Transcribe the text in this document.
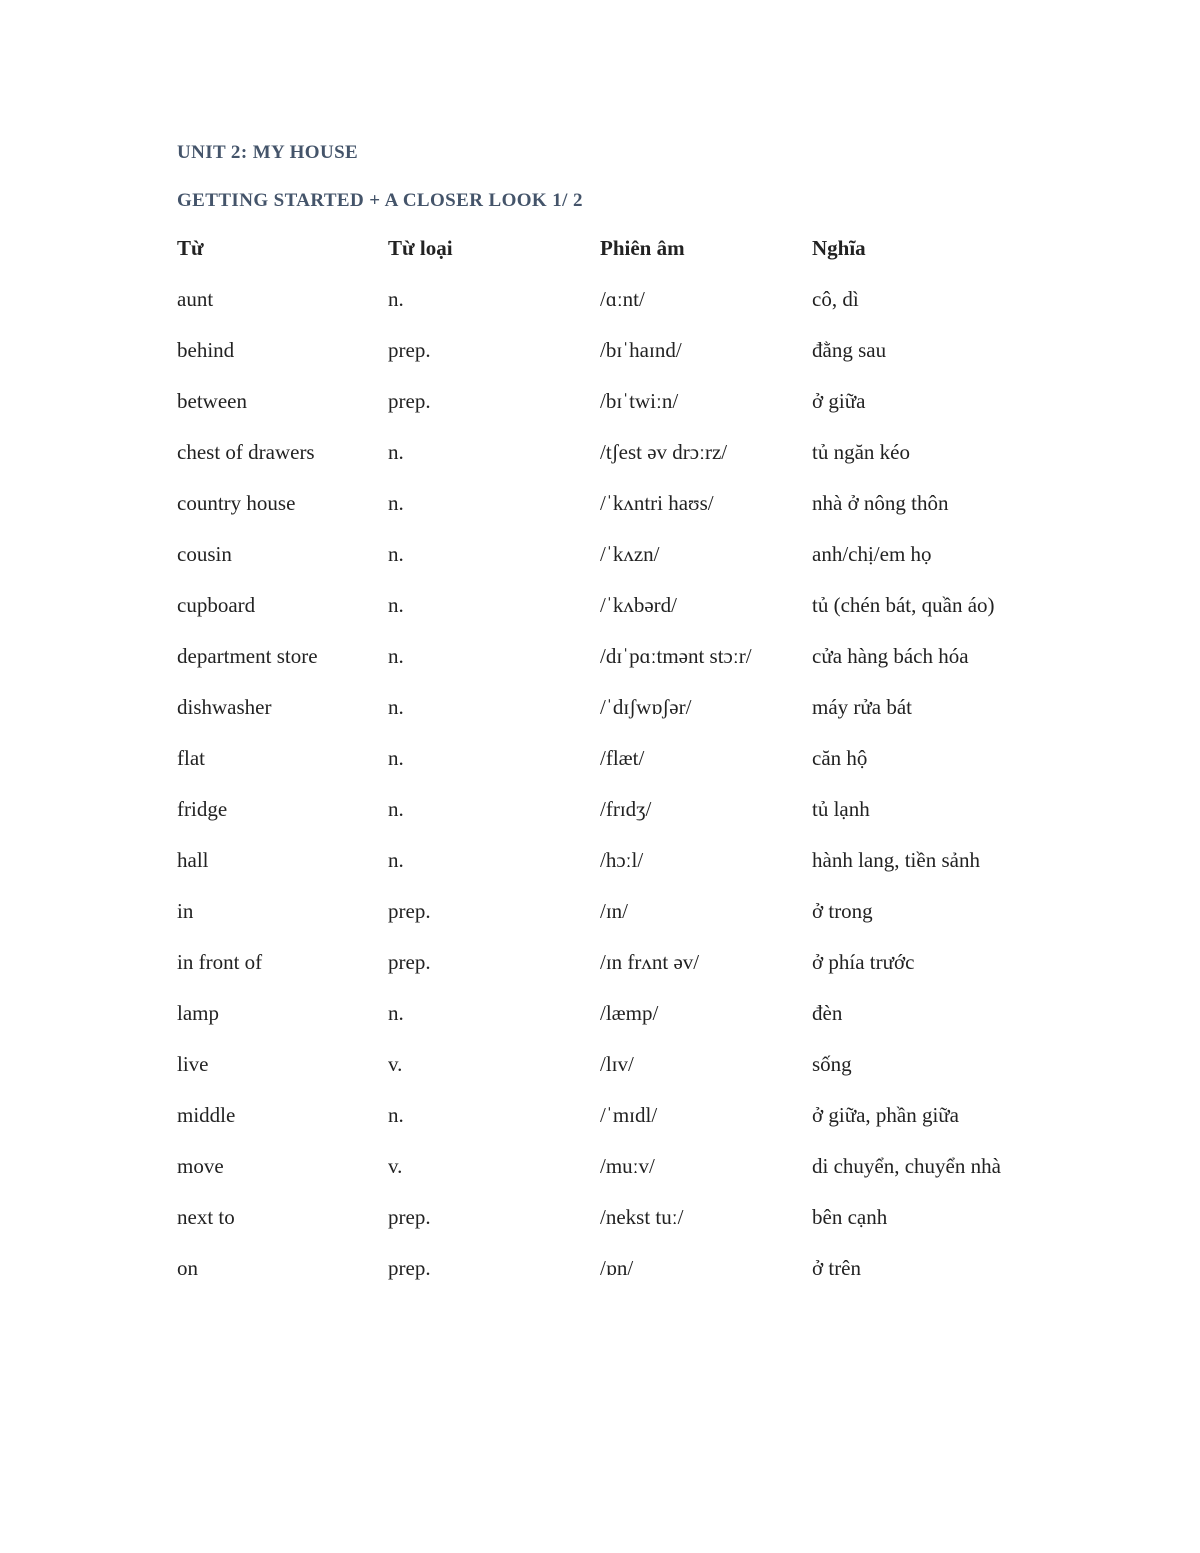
UNIT 2: MY HOUSE

GETTING STARTED + A CLOSER LOOK 1/ 2

Từ	Từ loại	Phiên âm	Nghĩa
aunt	n.	/ɑːnt/	cô, dì
behind	prep.	/bɪˈhaɪnd/	đằng sau
between	prep.	/bɪˈtwiːn/	ở giữa
chest of drawers	n.	/tʃest əv drɔːrz/	tủ ngăn kéo
country house	n.	/ˈkʌntri haʊs/	nhà ở nông thôn
cousin	n.	/ˈkʌzn/	anh/chị/em họ
cupboard	n.	/ˈkʌbərd/	tủ (chén bát, quần áo)
department store	n.	/dɪˈpɑːtmənt stɔːr/	cửa hàng bách hóa
dishwasher	n.	/ˈdɪʃwɒʃər/	máy rửa bát
flat	n.	/flæt/	căn hộ
fridge	n.	/frɪdʒ/	tủ lạnh
hall	n.	/hɔːl/	hành lang, tiền sảnh
in	prep.	/ɪn/	ở trong
in front of	prep.	/ɪn frʌnt əv/	ở phía trước
lamp	n.	/læmp/	đèn
live	v.	/lɪv/	sống
middle	n.	/ˈmɪdl/	ở giữa, phần giữa
move	v.	/muːv/	di chuyển, chuyển nhà
next to	prep.	/nekst tuː/	bên cạnh
on	prep.	/ɒn/	ở trên
